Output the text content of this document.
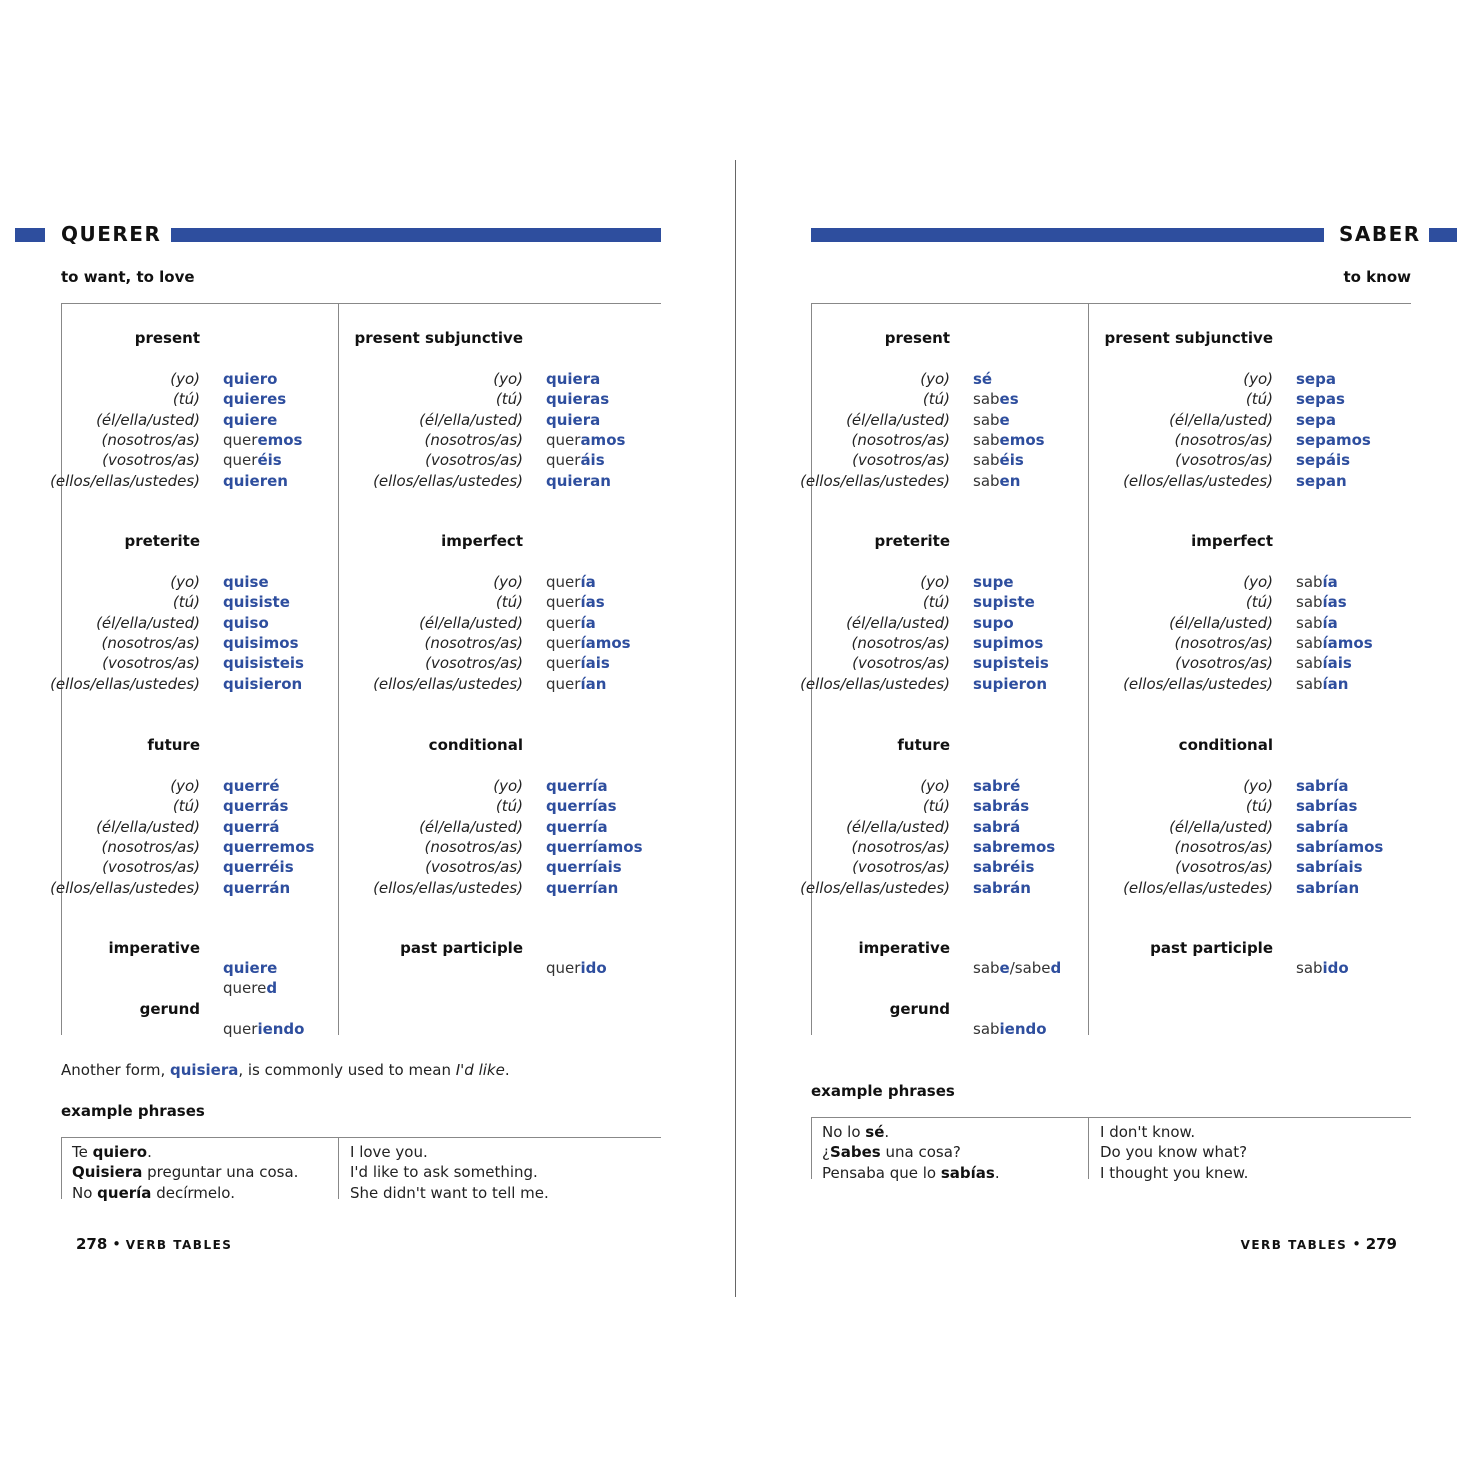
QUERER
to want, to love
SABER
to know
present
(yo) quiero
(tú) quieres
(él/ella/usted) quiere
(nosotros/as) queremos
(vosotros/as) queréis
(ellos/ellas/ustedes) quieren
present subjunctive
(yo) quiera
(tú) quieras
(él/ella/usted) quiera
(nosotros/as) queramos
(vosotros/as) queráis
(ellos/ellas/ustedes) quieran
preterite
(yo) quise
(tú) quisiste
(él/ella/usted) quiso
(nosotros/as) quisimos
(vosotros/as) quisisteis
(ellos/ellas/ustedes) quisieron
imperfect
(yo) quería
(tú) querías
(él/ella/usted) quería
(nosotros/as) queríamos
(vosotros/as) queríais
(ellos/ellas/ustedes) querían
future
(yo) querré
(tú) querrás
(él/ella/usted) querrá
(nosotros/as) querremos
(vosotros/as) querréis
(ellos/ellas/ustedes) querrán
conditional
(yo) querría
(tú) querrías
(él/ella/usted) querría
(nosotros/as) querríamos
(vosotros/as) querríais
(ellos/ellas/ustedes) querrían
imperative
quiere
quered
gerund
queriendo
past participle
querido
example phrases
Te quiero.	I love you.
Quisiera preguntar una cosa.	I'd like to ask something.
No quería decírmelo.	She didn't want to tell me.
present
(yo) sé
(tú) sabes
(él/ella/usted) sabe
(nosotros/as) sabemos
(vosotros/as) sabéis
(ellos/ellas/ustedes) saben
present subjunctive
(yo) sepa
(tú) sepas
(él/ella/usted) sepa
(nosotros/as) sepamos
(vosotros/as) sepáis
(ellos/ellas/ustedes) sepan
preterite
(yo) supe
(tú) supiste
(él/ella/usted) supo
(nosotros/as) supimos
(vosotros/as) supisteis
(ellos/ellas/ustedes) supieron
imperfect
(yo) sabía
(tú) sabías
(él/ella/usted) sabía
(nosotros/as) sabíamos
(vosotros/as) sabíais
(ellos/ellas/ustedes) sabían
future
(yo) sabré
(tú) sabrás
(él/ella/usted) sabrá
(nosotros/as) sabremos
(vosotros/as) sabréis
(ellos/ellas/ustedes) sabrán
conditional
(yo) sabría
(tú) sabrías
(él/ella/usted) sabría
(nosotros/as) sabríamos
(vosotros/as) sabríais
(ellos/ellas/ustedes) sabrían
imperative
sabe/sabed
gerund
sabiendo
past participle
sabido
example phrases
No lo sé.	I don't know.
¿Sabes una cosa?	Do you know what?
Pensaba que lo sabías.	I thought you knew.
Another form, quisiera, is commonly used to mean I'd like.
278 • VERB TABLES	VERB TABLES • 279
